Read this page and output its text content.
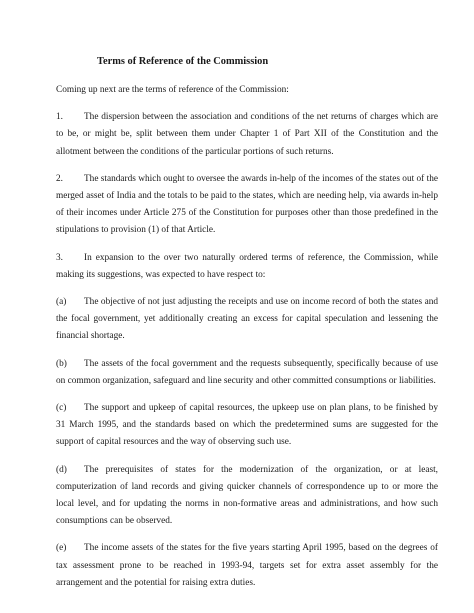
Terms of Reference of the Commission

Coming up next are the terms of reference of the Commission:

1. The dispersion between the association and conditions of the net returns of charges which are to be, or might be, split between them under Chapter 1 of Part XII of the Constitution and the allotment between the conditions of the particular portions of such returns.

2. The standards which ought to oversee the awards in-help of the incomes of the states out of the merged asset of India and the totals to be paid to the states, which are needing help, via awards in-help of their incomes under Article 275 of the Constitution for purposes other than those predefined in the stipulations to provision (1) of that Article.

3. In expansion to the over two naturally ordered terms of reference, the Commission, while making its suggestions, was expected to have respect to:

(a) The objective of not just adjusting the receipts and use on income record of both the states and the focal government, yet additionally creating an excess for capital speculation and lessening the financial shortage.

(b) The assets of the focal government and the requests subsequently, specifically because of use on common organization, safeguard and line security and other committed consumptions or liabilities.

(c) The support and upkeep of capital resources, the upkeep use on plan plans, to be finished by 31 March 1995, and the standards based on which the predetermined sums are suggested for the support of capital resources and the way of observing such use.

(d) The prerequisites of states for the modernization of the organization, or at least, computerization of land records and giving quicker channels of correspondence up to or more the local level, and for updating the norms in non-formative areas and administrations, and how such consumptions can be observed.

(e) The income assets of the states for the five years starting April 1995, based on the degrees of tax assessment prone to be reached in 1993-94, targets set for extra asset assembly for the arrangement and the potential for raising extra duties.
